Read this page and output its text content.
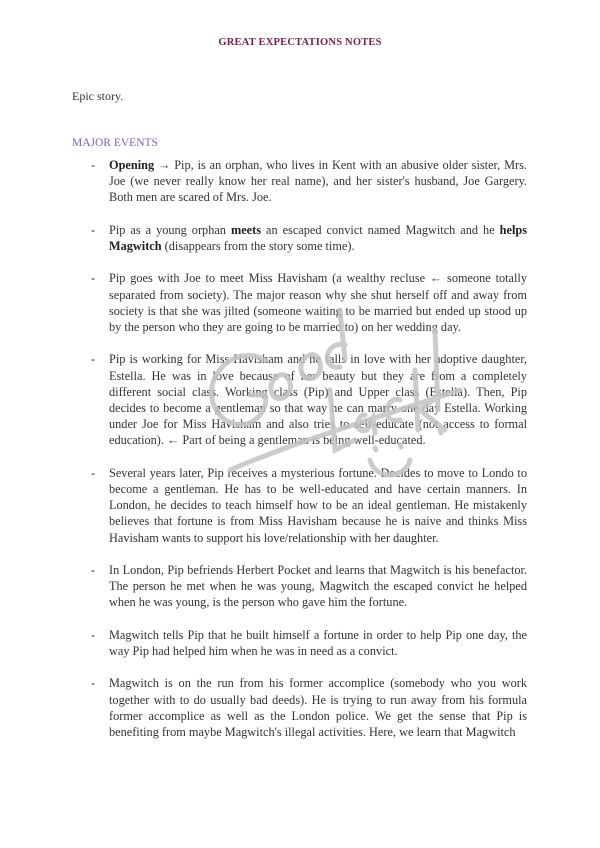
GREAT EXPECTATIONS NOTES
Epic story.
MAJOR EVENTS
- Opening → Pip, is an orphan, who lives in Kent with an abusive older sister, Mrs. Joe (we never really know her real name), and her sister's husband, Joe Gargery. Both men are scared of Mrs. Joe.
- Pip as a young orphan meets an escaped convict named Magwitch and he helps Magwitch (disappears from the story some time).
- Pip goes with Joe to meet Miss Havisham (a wealthy recluse ← someone totally separated from society). The major reason why she shut herself off and away from society is that she was jilted (someone waiting to be married but ended up stood up by the person who they are going to be married to) on her wedding day.
- Pip is working for Miss Havisham and he falls in love with her adoptive daughter, Estella. He was in love because of her beauty but they are from a completely different social class. Working class (Pip) and Upper class (Estella). Then, Pip decides to become a gentleman so that way he can marry one day Estella. Working under Joe for Miss Havisham and also tries to self-educate (not access to formal education). ← Part of being a gentleman is being well-educated.
- Several years later, Pip receives a mysterious fortune. Decides to move to Londo to become a gentleman. He has to be well-educated and have certain manners. In London, he decides to teach himself how to be an ideal gentleman. He mistakenly believes that fortune is from Miss Havisham because he is naive and thinks Miss Havisham wants to support his love/relationship with her daughter.
- In London, Pip befriends Herbert Pocket and learns that Magwitch is his benefactor. The person he met when he was young, Magwitch the escaped convict he helped when he was young, is the person who gave him the fortune.
- Magwitch tells Pip that he built himself a fortune in order to help Pip one day, the way Pip had helped him when he was in need as a convict.
- Magwitch is on the run from his former accomplice (somebody who you work together with to do usually bad deeds). He is trying to run away from his formula former accomplice as well as the London police. We get the sense that Pip is benefiting from maybe Magwitch's illegal activities. Here, we learn that Magwitch
